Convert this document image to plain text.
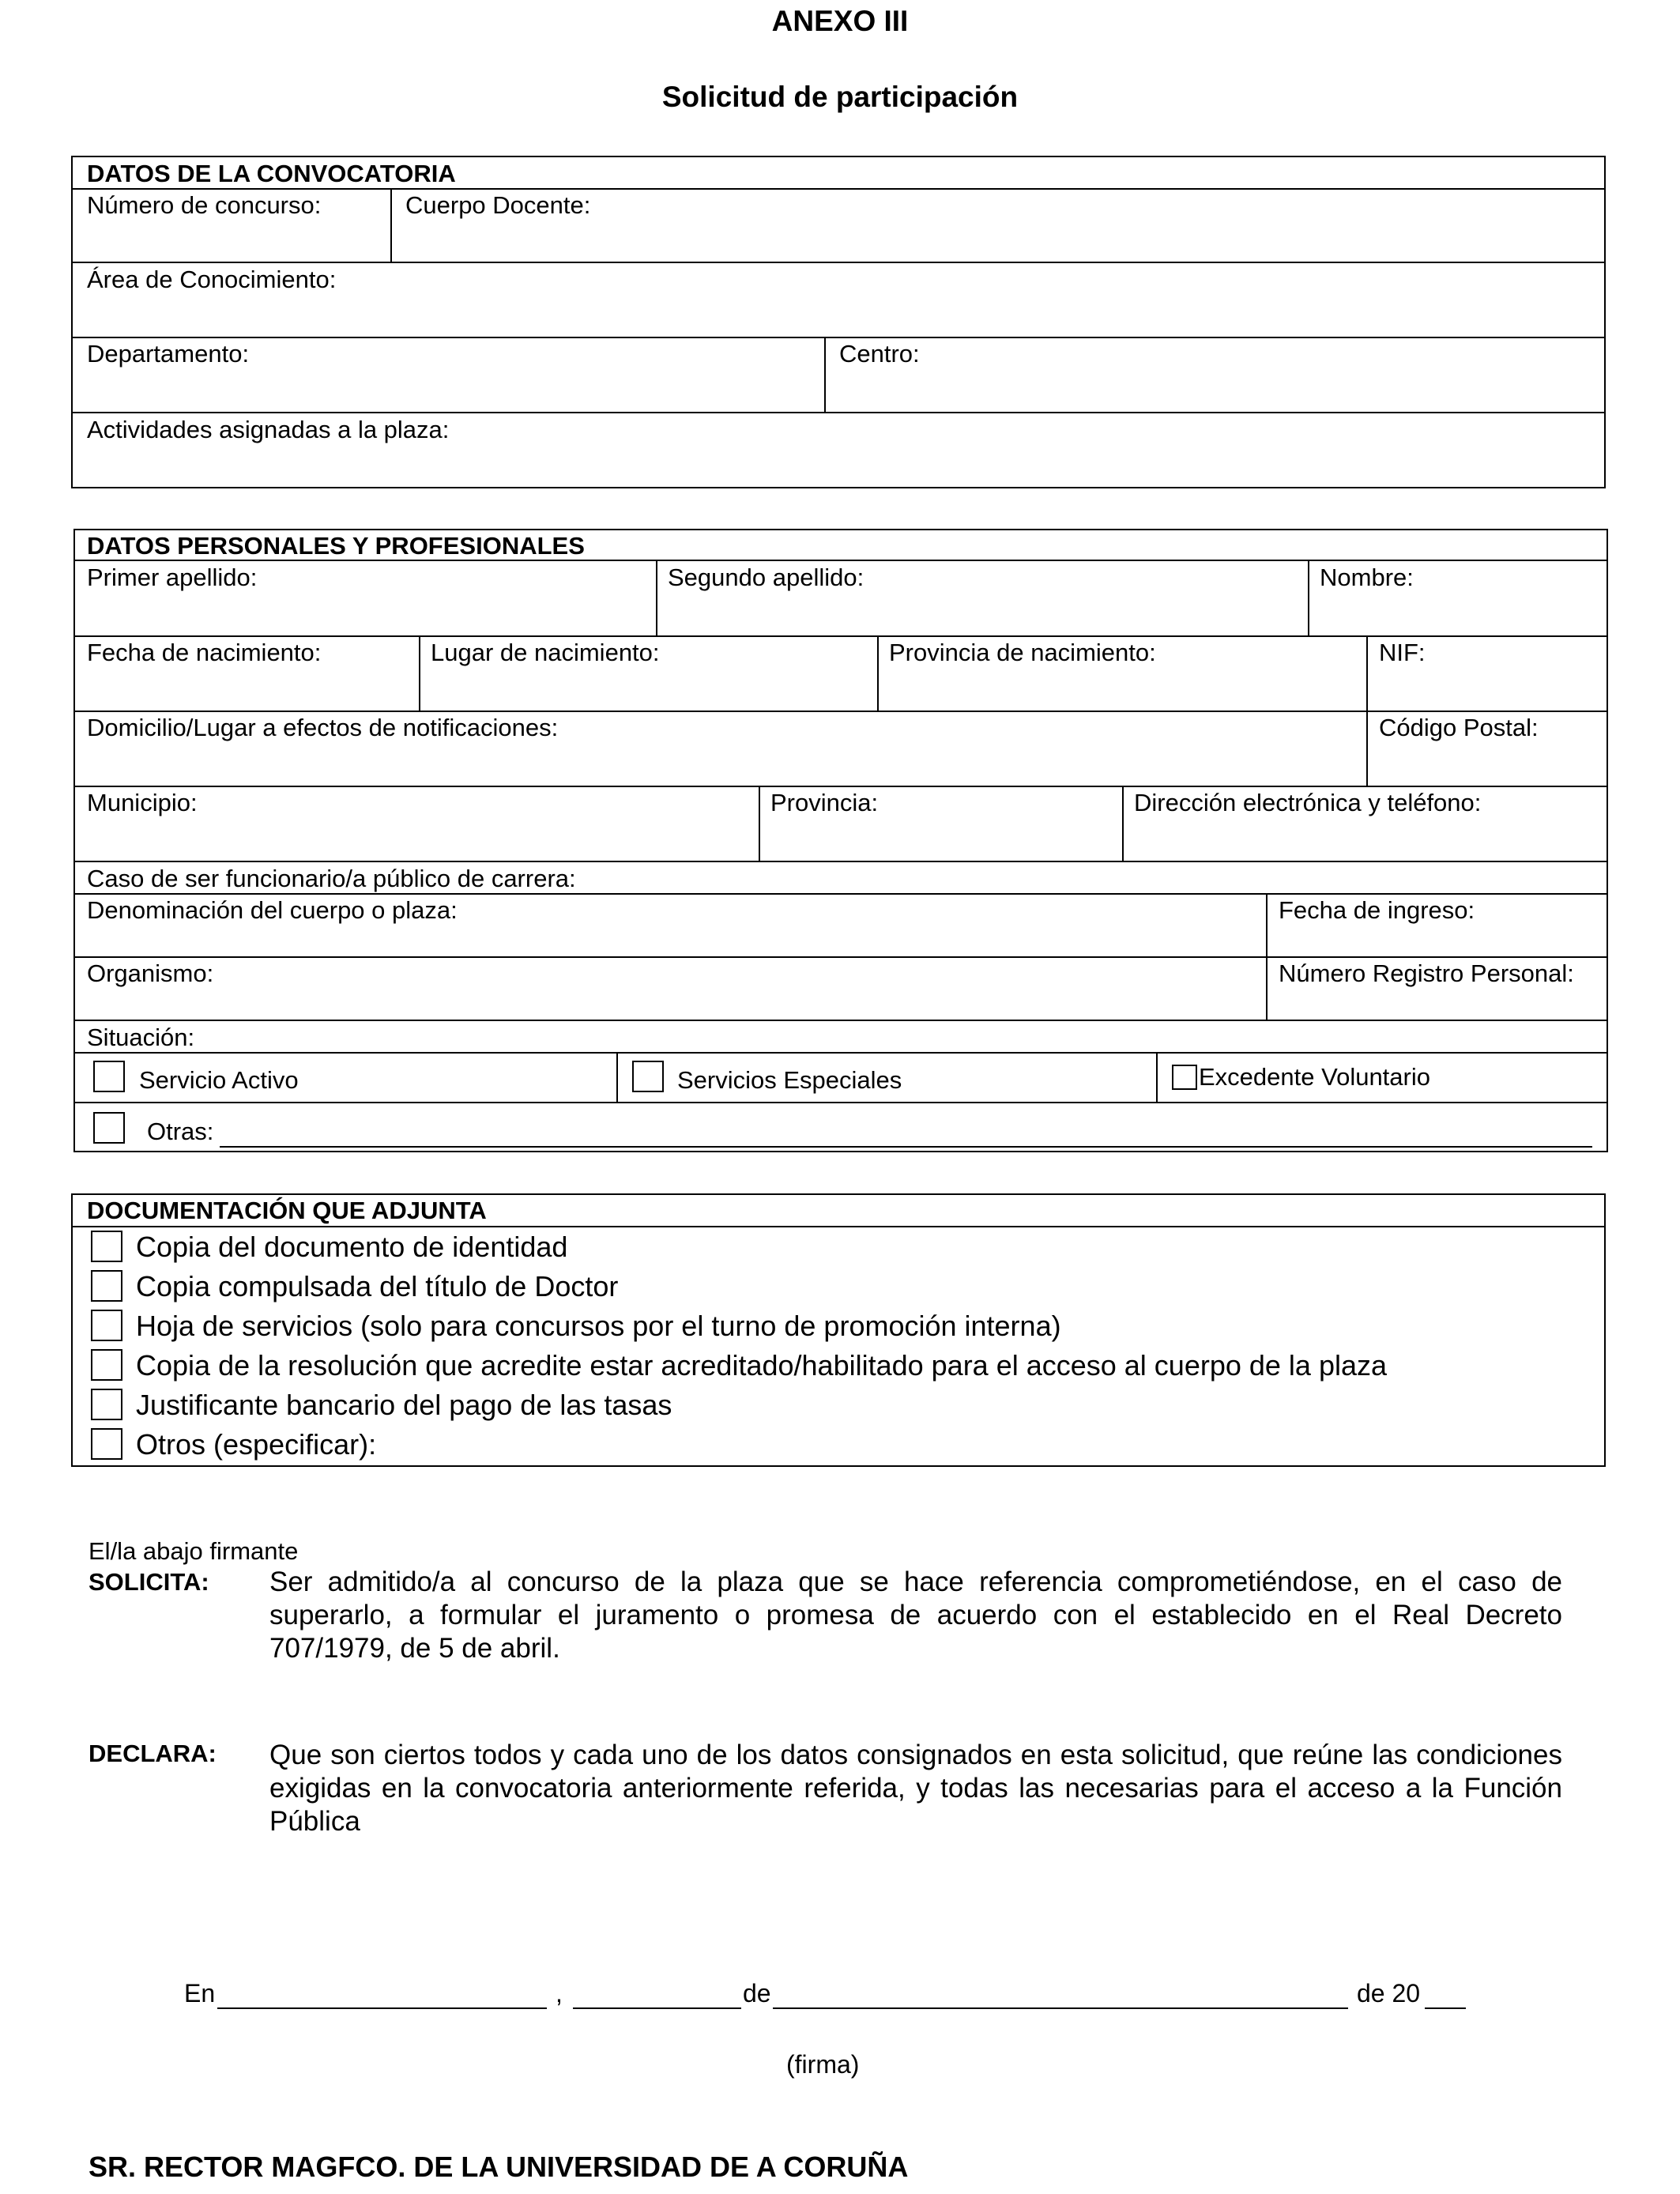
ANEXO III
Solicitud de participación
DATOS DE LA CONVOCATORIA
Número de concurso:	Cuerpo Docente:
Área de Conocimiento:
Departamento:	Centro:
Actividades asignadas a la plaza:
DATOS PERSONALES Y PROFESIONALES
Primer apellido:	Segundo apellido:	Nombre:
Fecha de nacimiento:	Lugar de nacimiento:	Provincia de nacimiento:	NIF:
Domicilio/Lugar a efectos de notificaciones:	Código Postal:
Municipio:	Provincia:	Dirección electrónica y teléfono:
Caso de ser funcionario/a público de carrera:
Denominación del cuerpo o plaza:	Fecha de ingreso:
Organismo:	Número Registro Personal:
Situación:
Servicio Activo	Servicios Especiales	Excedente Voluntario
Otras:
DOCUMENTACIÓN QUE ADJUNTA
Copia del documento de identidad
Copia compulsada del título de Doctor
Hoja de servicios (solo para concursos por el turno de promoción interna)
Copia de la resolución que acredite estar acreditado/habilitado para el acceso al cuerpo de la plaza
Justificante bancario del pago de las tasas
Otros (especificar):
El/la abajo firmante
SOLICITA: Ser admitido/a al concurso de la plaza que se hace referencia comprometiéndose, en el caso de superarlo, a formular el juramento o promesa de acuerdo con el establecido en el Real Decreto 707/1979, de 5 de abril.
DECLARA: Que son ciertos todos y cada uno de los datos consignados en esta solicitud, que reúne las condiciones exigidas en la convocatoria anteriormente referida, y todas las necesarias para el acceso a la Función Pública
En	,	de	de 20
(firma)
SR. RECTOR MAGFCO. DE LA UNIVERSIDAD DE A CORUÑA
